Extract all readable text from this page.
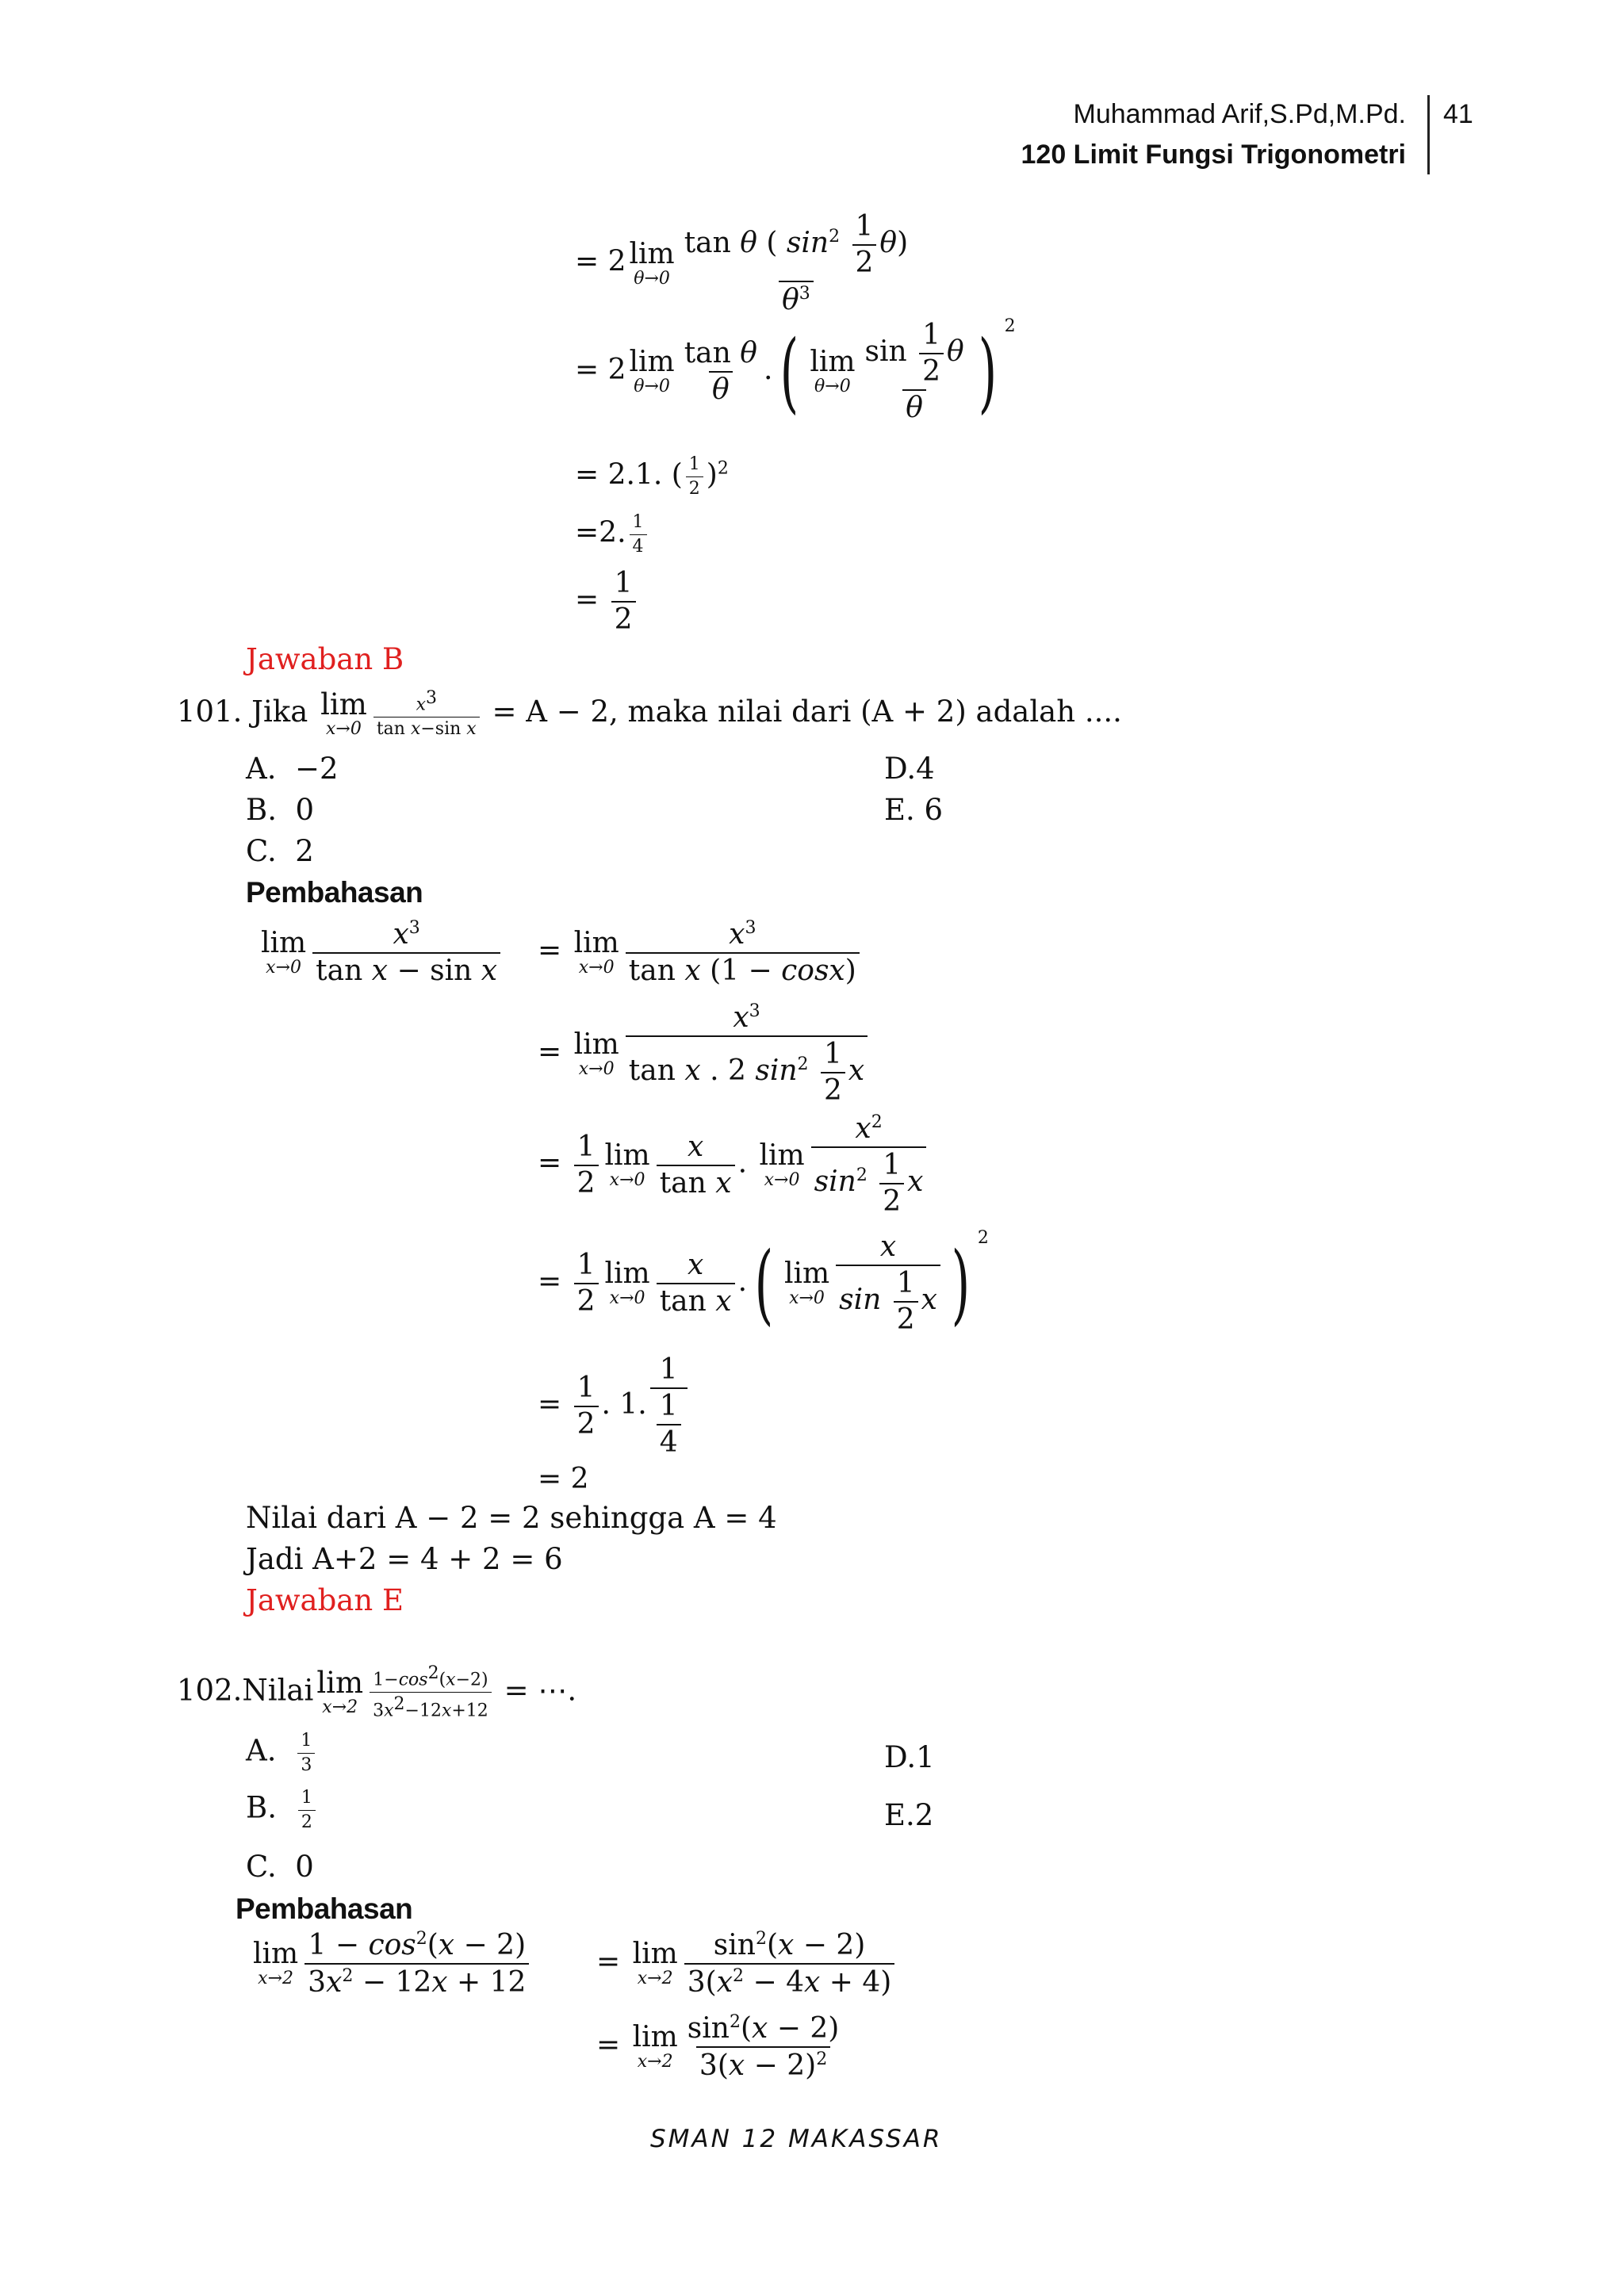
Muhammad Arif,S.Pd,M.Pd.
120 Limit Fungsi Trigonometri
41
= 2 lim
$\theta\to 0 \frac{\tan \theta ( \sin^2 \frac{1}{2} \theta)}{\theta^3}$
= 2 lim
$\theta\to 0 \frac{\text{tan θ}}{\theta}$ .( lim
$\theta\to 0 \frac{\sin \frac{1}{2} \theta}{\theta}$ ) $^2$
= 2.1. ( $\frac{1}{2} )^2$
=2. $\frac{1}{4}$
= $\frac{1}{2}$
Jawaban B
101. Jika lim
$x\to 0 \frac{x^3}{\text{tan x−sin x}} = A - 2$, maka nilai dari (A + 2) adalah ....
A. −2
B. 0
C. 2
D.4
E. 6
Pembahasan
lim
$x\to 0 \frac{x^3}{\text{tan x − sin x}} = \lim$
$x\to 0 \frac{x^3}{\text{tan x (1 − cosx)}}$
= lim
$x\to 0 \frac{x^3}{\tan x . 2 \sin^2 \frac{1}{2} x}$
= $\frac{1}{2}$ lim
$x\to 0 \frac{x}{\text{tan x}}$ . lim
$x\to 0 \frac{x^2}{\sin^2 \frac{1}{2} x}$
= $\frac{1}{2}$ lim
$x\to 0 \frac{x}{\text{tan x}}$ .( lim
$x\to 0 \frac{x}{\sin \frac{1}{2} x}$ ) $^2$
= $\frac{1}{2}$ . 1. $\frac{1}{\frac{1}{4}}$
= 2
Nilai dari A − 2 = 2 sehingga A = 4
Jadi A+2 = 4 + 2 = 6
Jawaban E
102.Nilai lim
$x\to 2 \frac{1-\cos^2(x-2)}{3x^2-12x+12}$ = ⋯.
A. $\frac{1}{3}$
B. $\frac{1}{2}$
C. 0
D.1
E.2
Pembahasan
lim
$x\to 2 \frac{1 - \cos^2(x - 2)}{3x^2 - 12x + 12} = \lim$
$x\to 2 \frac{\sin^2(x - 2)}{3(x^2 - 4x + 4)}$
= lim
$x\to 2 \frac{\sin^2(x - 2)}{3(x - 2)^2}$
SMAN 12 MAKASSAR
